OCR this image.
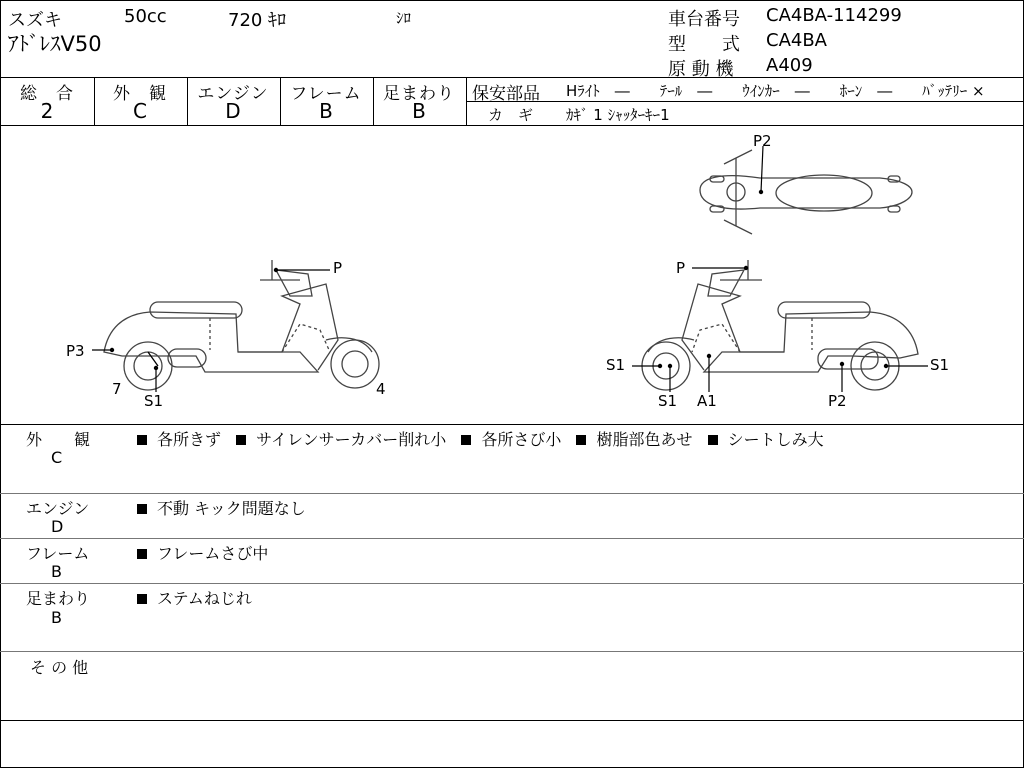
スズキ	50cc	720 ｷﾛ	ｼﾛ
ｱﾄﾞﾚｽV50
車台番号 CA4BA-114299
型　　式 CA4BA
原 動 機 A409
総　合
2
外　観
C
エンジン
D
フレーム
B
足まわり
B
保安部品 Hﾗｲﾄ　―　　ﾃｰﾙ　―　　ｳｲﾝｶｰ　―　　ﾎｰﾝ　―　　ﾊﾞｯﾃﾘｰ ×
カ　ギ ｶｷﾞ 1 ｼｬｯﾀｰｷｰ1
P
P3
7
S1
4
P2
P
S1
S1 A1	P2
S1
外　　観
C
各所きず サイレンサーカバー削れ小 各所さび小 樹脂部色あせ シートしみ大
エンジン
D
不動 キック問題なし
フレーム
B
フレームさび中
足まわり
B
ステムねじれ
そ の 他
